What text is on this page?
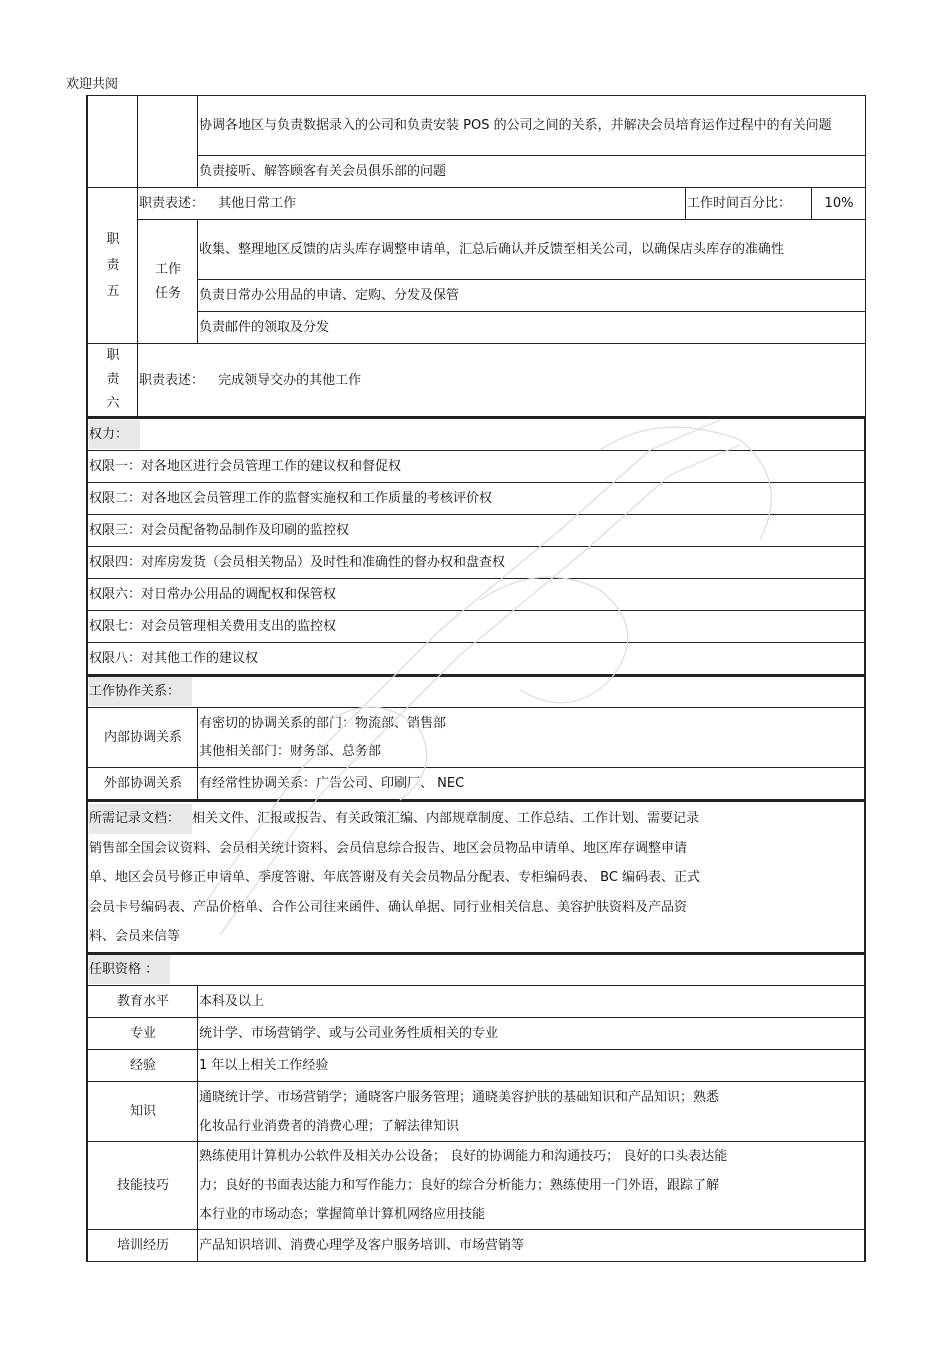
欢迎共阅
		协调各地区与负责数据录入的公司和负责安装 POS 的公司之间的关系，并解决会员培育运作过程中的有关问题		
		负责接听、解答顾客有关会员俱乐部的问题		

职责五	职责表述： 其他日常工作		工作时间百分比：	10%

	工作任务	收集、整理地区反馈的店头库存调整申请单，汇总后确认并反馈至相关公司，以确保店头库存的准确性		
		负责日常办公用品的申请、定购、分发及保管		
		负责邮件的领取及分发		

职责六	职责表述： 完成领导交办的其他工作			
权力：
权限一：对各地区进行会员管理工作的建议权和督促权
权限二：对各地区会员管理工作的监督实施权和工作质量的考核评价权
权限三：对会员配备物品制作及印刷的监控权
权限四：对库房发货（会员相关物品）及时性和准确性的督办权和盘查权
权限六：对日常办公用品的调配权和保管权
权限七：对会员管理相关费用支出的监控权
权限八：对其他工作的建议权
工作协作关系：	
内部协调关系	有密切的协调关系的部门：物流部、销售部
其他相关部门：财务部、总务部

外部协调关系	有经常性协调关系：广告公司、印刷厂、 NEC
所需记录文档： 相关文件、汇报或报告、有关政策汇编、内部规章制度、工作总结、工作计划、需要记录
销售部全国会议资料、会员相关统计资料、会员信息综合报告、地区会员物品申请单、地区库存调整申请
单、地区会员号修正申请单、季度答谢、年底答谢及有关会员物品分配表、专柜编码表、 BC 编码表、正式
会员卡号编码表、产品价格单、合作公司往来函件、确认单据、同行业相关信息、美容护肤资料及产品资
料、会员来信等
任职资格 ：	
教育水平	本科及以上
专业	统计学、市场营销学、或与公司业务性质相关的专业
经验	1 年以上相关工作经验
知识	通晓统计学、市场营销学；通晓客户服务管理；通晓美容护肤的基础知识和产品知识；熟悉
化妆品行业消费者的消费心理；了解法律知识

技能技巧	熟练使用计算机办公软件及相关办公设备； 良好的协调能力和沟通技巧； 良好的口头表达能
力；良好的书面表达能力和写作能力；良好的综合分析能力；熟练使用一门外语，跟踪了解
本行业的市场动态；掌握简单计算机网络应用技能

培训经历	产品知识培训、消费心理学及客户服务培训、市场营销等
